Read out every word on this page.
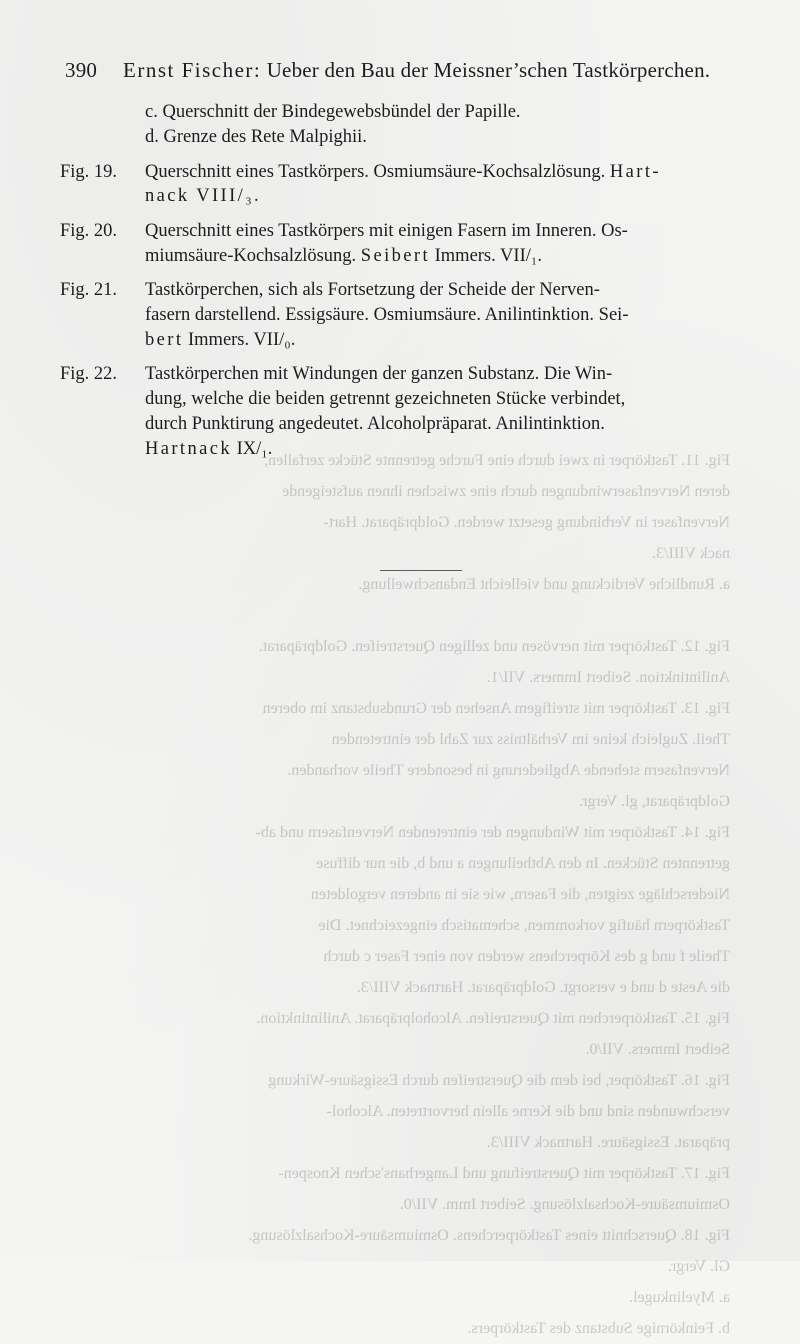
Fig. 11. Tastkörper in zwei durch eine Furche getrennte Stücke zerfallen,
deren Nervenfaserwindungen durch eine zwischen ihnen aufsteigende
Nervenfaser in Verbindung gesetzt werden. Goldpräparat. Hart-
nack VIII/3.
a. Rundliche Verdickung und vielleicht Endanschwellung.
Fig. 12. Tastkörper mit nervösen und zelligen Querstreifen. Goldpräparat.
Anilintinktion. Seibert Immers. VII/1.
Fig. 13. Tastkörper mit streifigem Ansehen der Grundsubstanz im oberen
Theil. Zugleich keine im Verhältniss zur Zahl der eintretenden
Nervenfasern stehende Abgliederung in besondere Theile vorhanden.
Goldpräparat, gl. Vergr.
Fig. 14. Tastkörper mit Windungen der eintretenden Nervenfasern und ab-
getrennten Stücken. In den Abtheilungen a und b, die nur diffuse
Niederschläge zeigten, die Fasern, wie sie in anderen vergoldeten
Tastkörpern häufig vorkommen, schematisch eingezeichnet. Die
Theile f und g des Körperchens werden von einer Faser c durch
die Aeste d und e versorgt. Goldpräparat. Hartnack VIII/3.
Fig. 15. Tastkörperchen mit Querstreifen. Alcoholpräparat. Anilintinktion.
Seibert Immers. VII/0.
Fig. 16. Tastkörper, bei dem die Querstreifen durch Essigsäure-Wirkung
verschwunden sind und die Kerne allein hervortreten. Alcohol-
präparat. Essigsäure. Hartnack VIII/3.
Fig. 17. Tastkörper mit Querstreifung und Langerhans'schen Knospen-
Osmiumsäure-Kochsalzlösung. Seibert Imm. VII/0.
Fig. 18. Querschnitt eines Tastkörperchens. Osmiumsäure-Kochsalzlösung.
Gl. Vergr.
a. Myelinkugel.
b. Feinkörnige Substanz des Tastkörpers.
390 Ernst Fischer: Ueber den Bau der Meissner’schen Tastkörperchen.
c. Querschnitt der Bindegewebsbündel der Papille.
d. Grenze des Rete Malpighii.
Fig. 19. Querschnitt eines Tastkörpers. Osmiumsäure-Kochsalzlösung. Hart-
nack VIII/₃.
Fig. 20. Querschnitt eines Tastkörpers mit einigen Fasern im Inneren. Os-
miumsäure-Kochsalzlösung. Seibert Immers. VII/₁.
Fig. 21. Tastkörperchen, sich als Fortsetzung der Scheide der Nerven-
fasern darstellend. Essigsäure. Osmiumsäure. Anilintinktion. Sei-
bert Immers. VII/₀.
Fig. 22. Tastkörperchen mit Windungen der ganzen Substanz. Die Win-
dung, welche die beiden getrennt gezeichneten Stücke verbindet,
durch Punktirung angedeutet. Alcoholpräparat. Anilintinktion.
Hartnack IX/₁.
